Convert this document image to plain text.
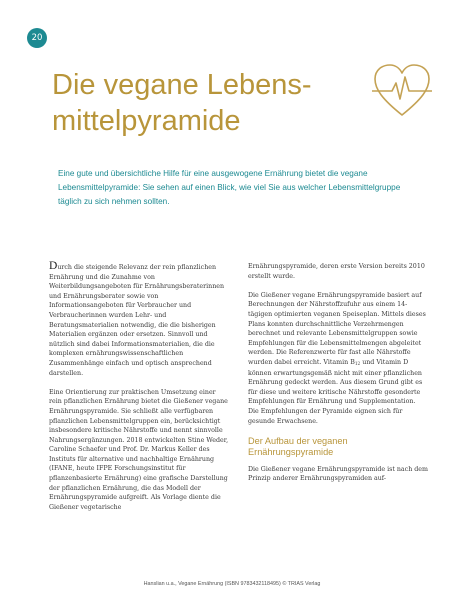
20
Die vegane Lebens-
mittelpyramide

Eine gute und übersichtliche Hilfe für eine ausgewogene Ernährung bietet die vegane Lebensmittelpyramide: Sie sehen auf einen Blick, wie viel Sie aus welcher Lebensmittelgruppe täglich zu sich nehmen sollten.

Durch die steigende Relevanz der rein pflanzlichen Ernährung und die Zunahme von Weiterbildungsangeboten für Ernährungsberaterinnen und Ernährungsberater sowie von Informationsangeboten für Verbraucher und Verbraucherinnen wurden Lehr- und Beratungsmaterialien notwendig, die die bisherigen Materialien ergänzen oder ersetzen. Sinnvoll und nützlich sind dabei Informationsmaterialien, die die komplexen ernährungswissenschaftlichen Zusammenhänge einfach und optisch ansprechend darstellen.

Eine Orientierung zur praktischen Umsetzung einer rein pflanzlichen Ernährung bietet die Gießener vegane Ernährungspyramide. Sie schließt alle verfügbaren pflanzlichen Lebensmittelgruppen ein, berücksichtigt insbesondere kritische Nährstoffe und nennt sinnvolle Nahrungsergänzungen. 2018 entwickelten Stine Weder, Caroline Schaefer und Prof. Dr. Markus Keller des Instituts für alternative und nachhaltige Ernährung (IFANE, heute IFPE Forschungsinstitut für pflanzenbasierte Ernährung) eine grafische Darstellung der pflanzlichen Ernährung, die das Modell der Ernährungspyramide aufgreift. Als Vorlage diente die Gießener vegetarische

Ernährungspyramide, deren erste Version bereits 2010 erstellt wurde.

Die Gießener vegane Ernährungspyramide basiert auf Berechnungen der Nährstoffzufuhr aus einem 14-tägigen optimierten veganen Speiseplan. Mittels dieses Plans konnten durchschnittliche Verzehrmengen berechnet und relevante Lebensmittelgruppen sowie Empfehlungen für die Lebensmittelmengen abgeleitet werden. Die Referenzwerte für fast alle Nährstoffe wurden dabei erreicht. Vitamin $B_{12}$ und Vitamin D können erwartungsgemäß nicht mit einer pflanzlichen Ernährung gedeckt werden. Aus diesem Grund gibt es für diese und weitere kritische Nährstoffe gesonderte Empfehlungen für Ernährung und Supplementation. Die Empfehlungen der Pyramide eignen sich für gesunde Erwachsene.

Der Aufbau der veganen Ernährungspyramide

Die Gießener vegane Ernährungspyramide ist nach dem Prinzip anderer Ernährungspyramiden auf-

Hanslian u.a., Vegane Ernährung (ISBN 9783432118495) © TRIAS Verlag
